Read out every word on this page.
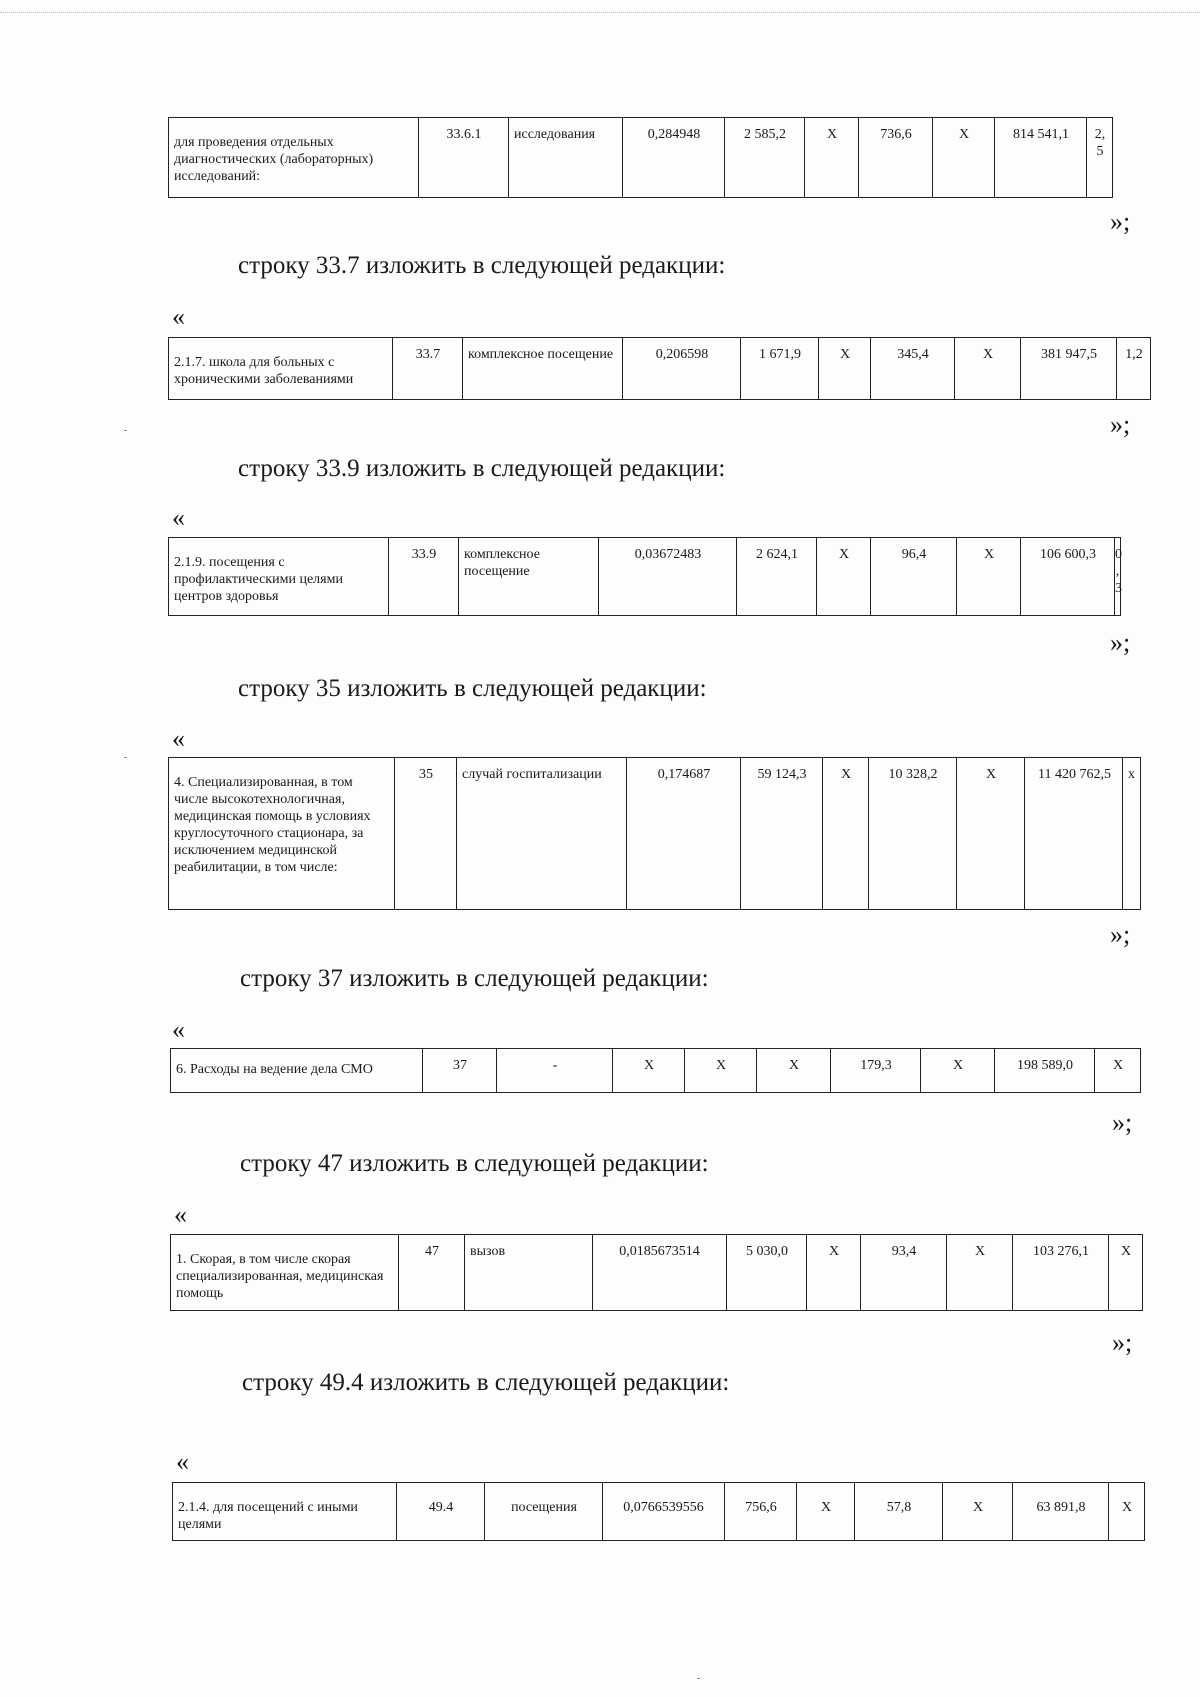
для проведения отдельных диагностических (лабораторных) исследований:	33.6.1	исследования	0,284948	2 585,2	X	736,6	X	814 541,1	2,5
»;
строку 33.7 изложить в следующей редакции:
«
2.1.7. школа для больных с хроническими заболеваниями	33.7	комплексное посещение	0,206598	1 671,9	X	345,4	X	381 947,5	1,2
»;
строку 33.9 изложить в следующей редакции:
«
2.1.9. посещения с профилактическими целями центров здоровья	33.9	комплексное посещение	0,03672483	2 624,1	X	96,4	X	106 600,3	0,3
»;
строку 35 изложить в следующей редакции:
«
4. Специализированная, в том числе высокотехнологичная, медицинская помощь в условиях круглосуточного стационара, за исключением медицинской реабилитации, в том числе:	35	случай госпитализации	0,174687	59 124,3	X	10 328,2	X	11 420 762,5	x
»;
строку 37 изложить в следующей редакции:
«
6. Расходы на ведение дела СМО	37	-	X	X	X	179,3	X	198 589,0	X
»;
строку 47 изложить в следующей редакции:
«
1. Скорая, в том числе скорая специализированная, медицинская помощь	47	вызов	0,0185673514	5 030,0	X	93,4	X	103 276,1	X
»;
строку 49.4 изложить в следующей редакции:
«
2.1.4. для посещений с иными целями	49.4	посещения	0,0766539556	756,6	X	57,8	X	63 891,8	X
